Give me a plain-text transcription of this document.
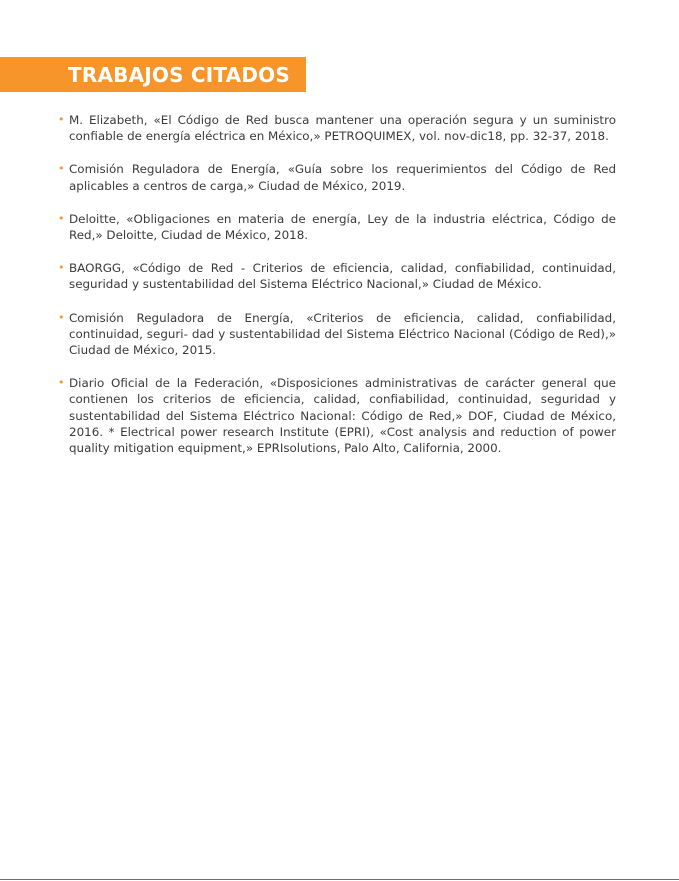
TRABAJOS CITADOS
• M. Elizabeth, «El Código de Red busca mantener una operación segura y un suministro confiable de energía eléctrica en México,» PETROQUIMEX, vol. nov-dic18, pp. 32-37, 2018.
• Comisión Reguladora de Energía, «Guía sobre los requerimientos del Código de Red aplicables a centros de carga,» Ciudad de México, 2019.
• Deloitte, «Obligaciones en materia de energía, Ley de la industria eléctrica, Código de Red,» Deloitte, Ciudad de México, 2018.
• BAORGG, «Código de Red - Criterios de eficiencia, calidad, confiabilidad, continuidad, seguridad y sustentabilidad del Sistema Eléctrico Nacional,» Ciudad de México.
• Comisión Reguladora de Energía, «Criterios de eficiencia, calidad, confiabilidad, continuidad, seguri- dad y sustentabilidad del Sistema Eléctrico Nacional (Código de Red),» Ciudad de México, 2015.
• Diario Oficial de la Federación, «Disposiciones administrativas de carácter general que contienen los criterios de eficiencia, calidad, confiabilidad, continuidad, seguridad y sustentabilidad del Sistema Eléctrico Nacional: Código de Red,» DOF, Ciudad de México, 2016. * Electrical power research Institute (EPRI), «Cost analysis and reduction of power quality mitigation equipment,» EPRIsolutions, Palo Alto, California, 2000.
